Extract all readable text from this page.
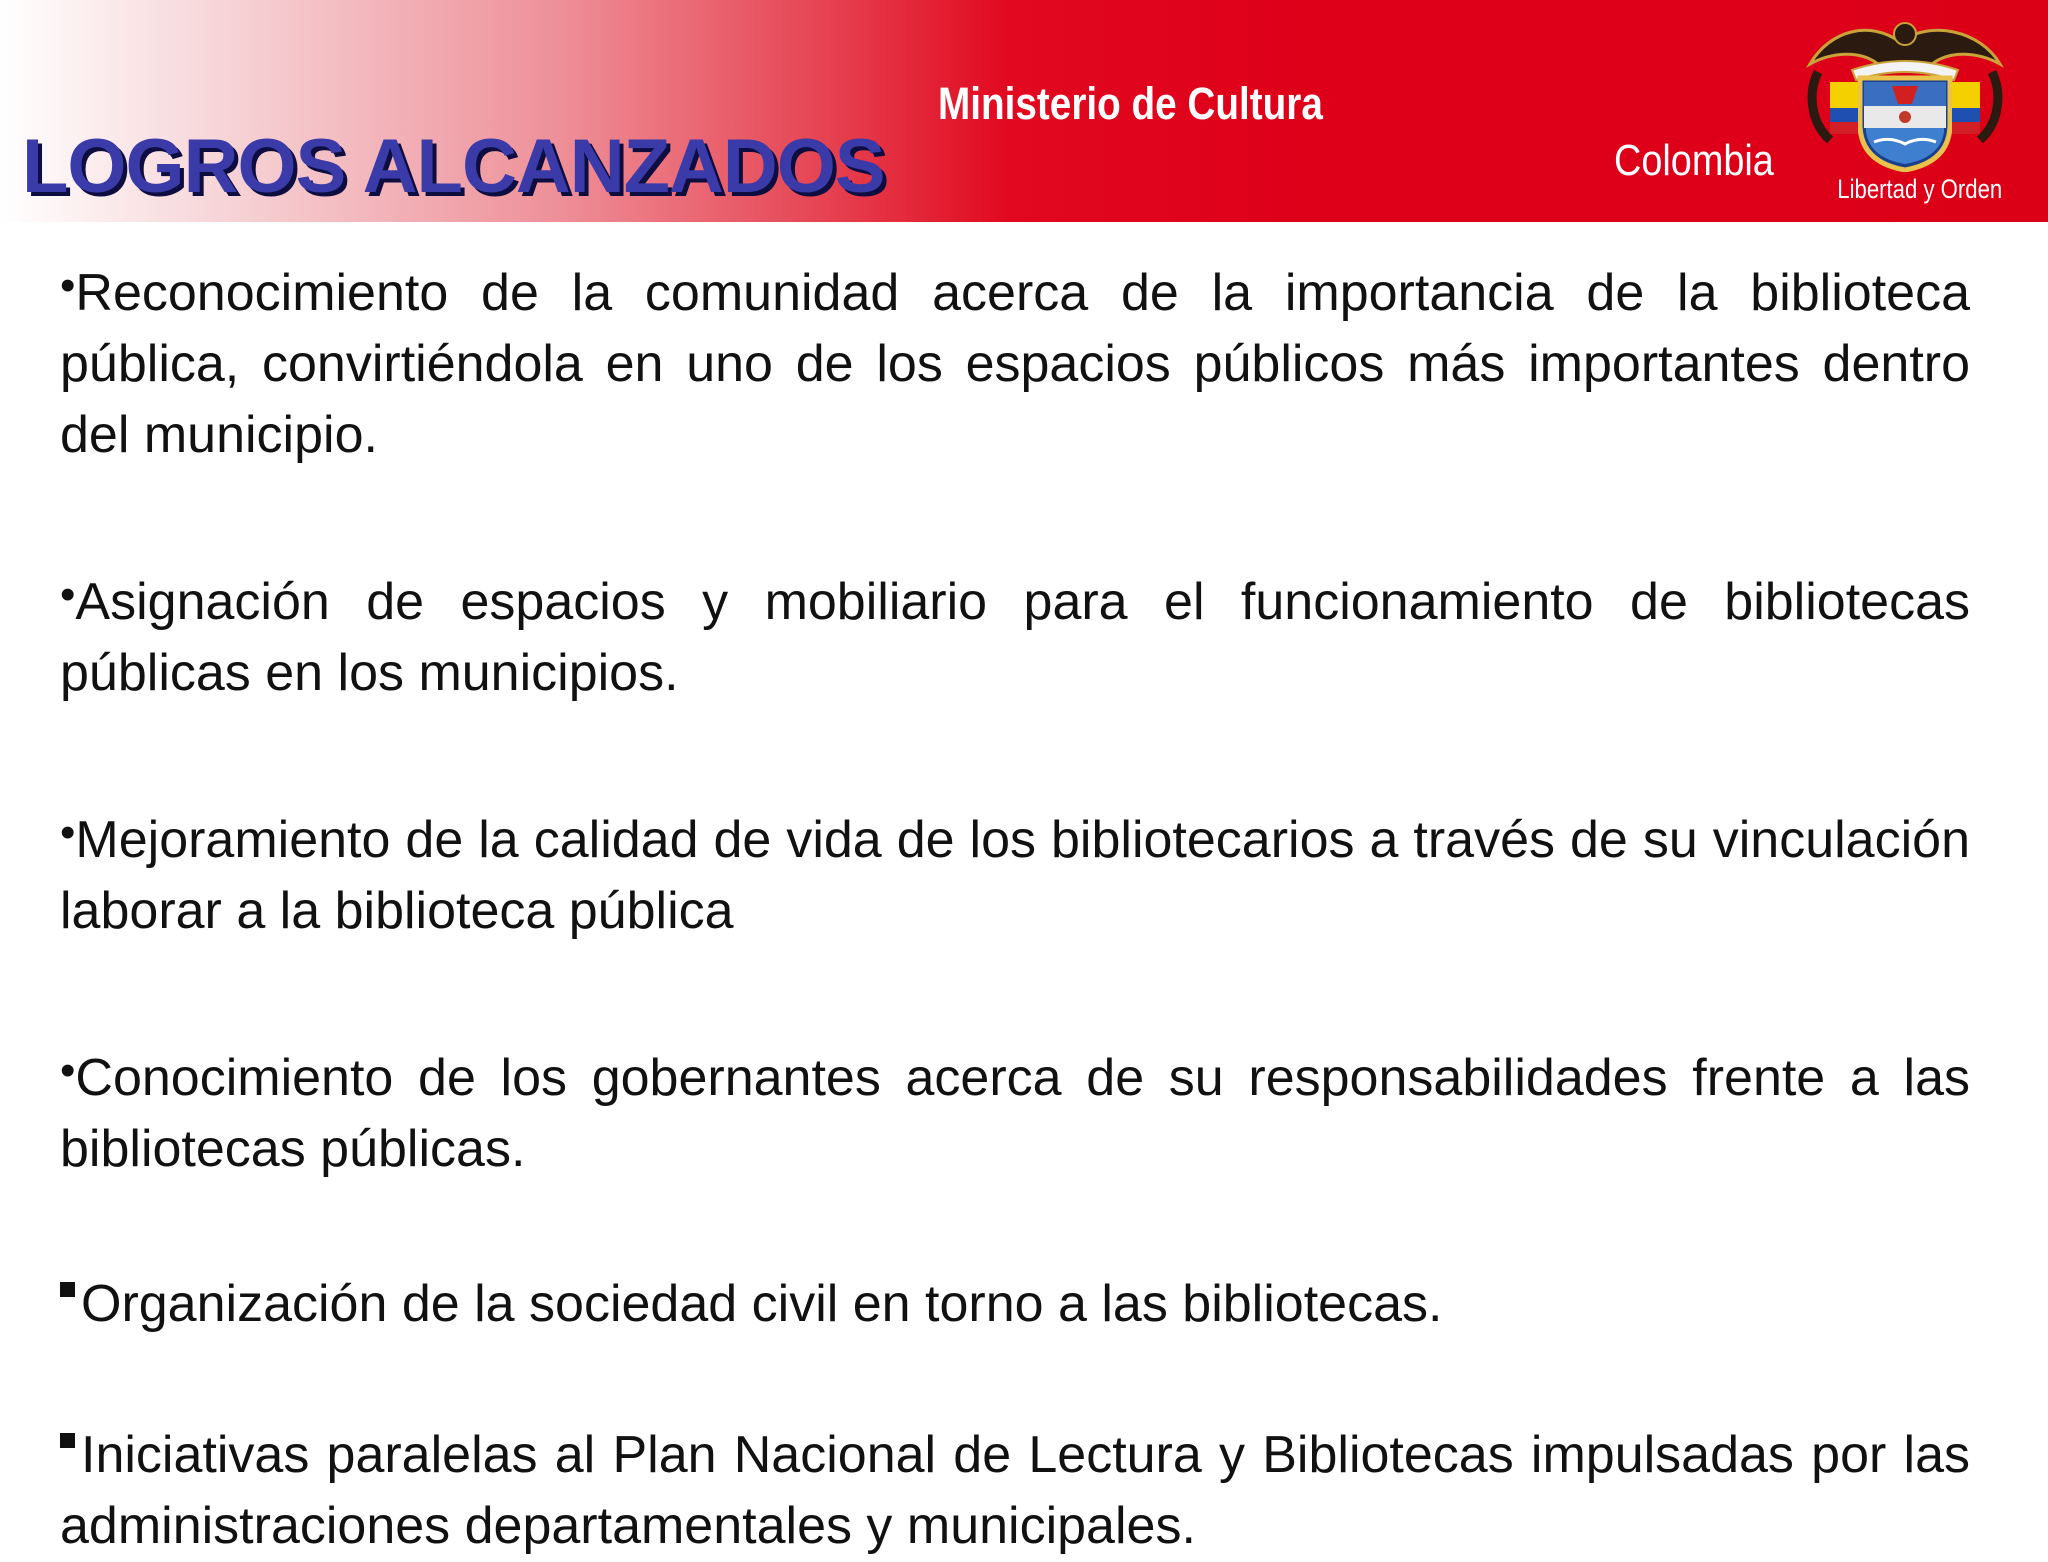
LOGROS ALCANZADOS
Ministerio de Cultura
Colombia
Libertad y Orden

•Reconocimiento de la comunidad acerca de la importancia de la biblioteca pública, convirtiéndola en uno de los espacios públicos más importantes dentro del municipio.

•Asignación de espacios y mobiliario para el funcionamiento de bibliotecas públicas en los municipios.

•Mejoramiento de la calidad de vida de los bibliotecarios a través de su vinculación laborar a la biblioteca pública

•Conocimiento de los gobernantes acerca de su responsabilidades frente a las bibliotecas públicas.

Organización de la sociedad civil en torno a las bibliotecas.

Iniciativas paralelas al Plan Nacional de Lectura y Bibliotecas impulsadas por las administraciones departamentales y municipales.
